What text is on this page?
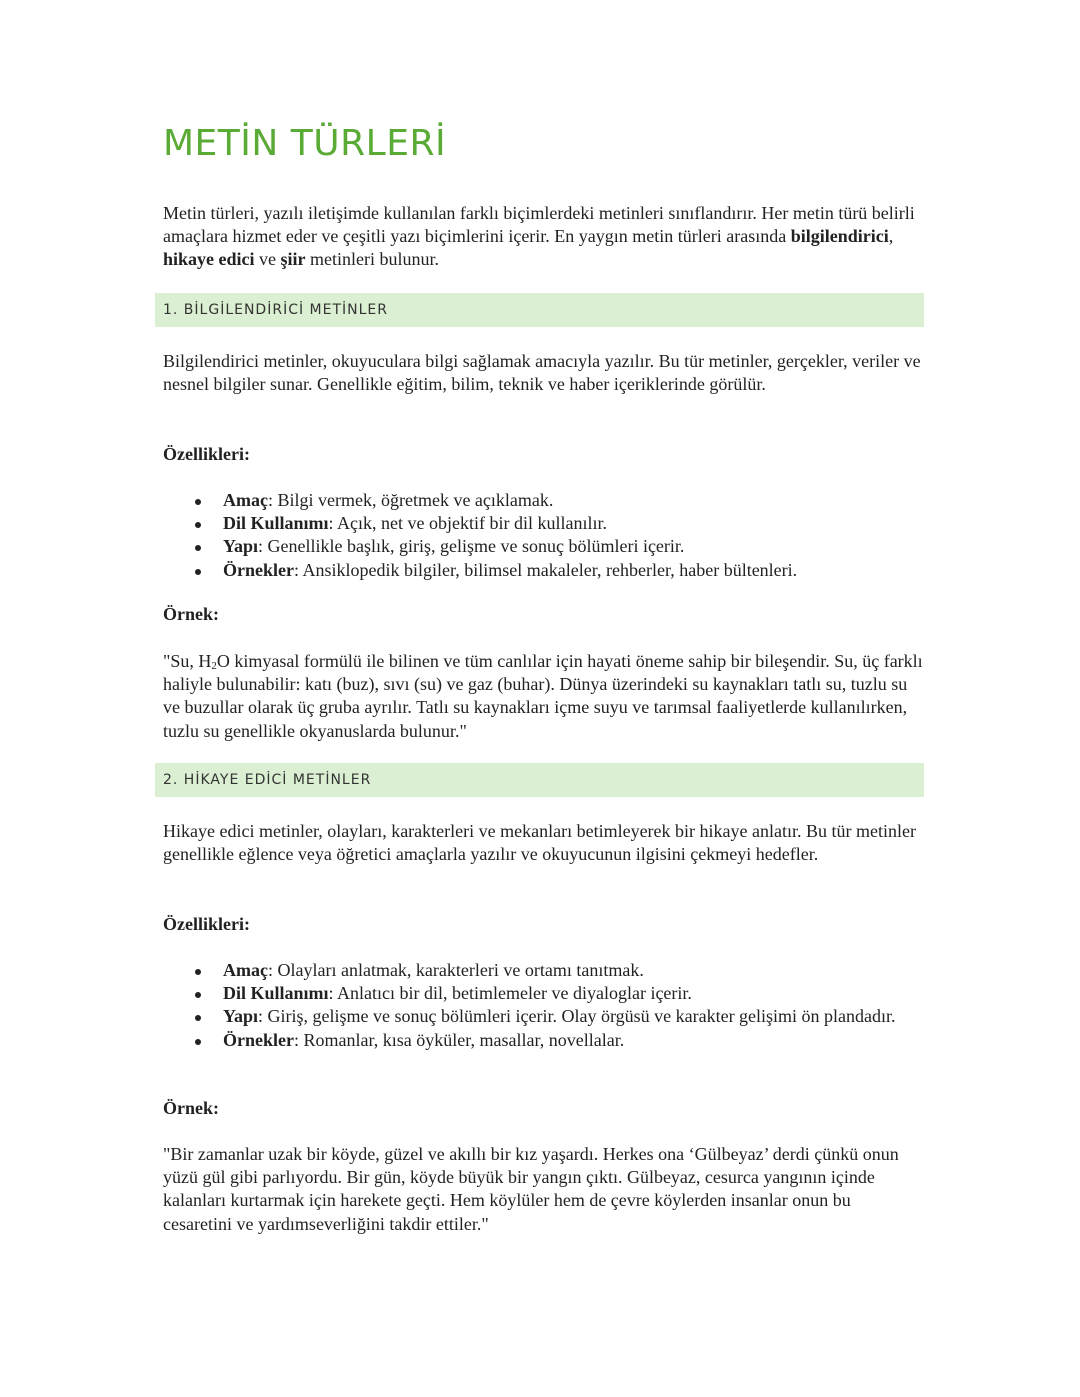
METİN TÜRLERİ

Metin türleri, yazılı iletişimde kullanılan farklı biçimlerdeki metinleri sınıflandırır. Her metin türü belirli amaçlara hizmet eder ve çeşitli yazı biçimlerini içerir. En yaygın metin türleri arasında bilgilendirici, hikaye edici ve şiir metinleri bulunur.

1. BİLGİLENDİRİCİ METİNLER

Bilgilendirici metinler, okuyuculara bilgi sağlamak amacıyla yazılır. Bu tür metinler, gerçekler, veriler ve nesnel bilgiler sunar. Genellikle eğitim, bilim, teknik ve haber içeriklerinde görülür.

Özellikleri:

Amaç: Bilgi vermek, öğretmek ve açıklamak.
Dil Kullanımı: Açık, net ve objektif bir dil kullanılır.
Yapı: Genellikle başlık, giriş, gelişme ve sonuç bölümleri içerir.
Örnekler: Ansiklopedik bilgiler, bilimsel makaleler, rehberler, haber bültenleri.

Örnek:

"Su, $H_2O$ kimyasal formülü ile bilinen ve tüm canlılar için hayati öneme sahip bir bileşendir. Su, üç farklı haliyle bulunabilir: katı (buz), sıvı (su) ve gaz (buhar). Dünya üzerindeki su kaynakları tatlı su, tuzlu su ve buzullar olarak üç gruba ayrılır. Tatlı su kaynakları içme suyu ve tarımsal faaliyetlerde kullanılırken, tuzlu su genellikle okyanuslarda bulunur."

2. HİKAYE EDİCİ METİNLER

Hikaye edici metinler, olayları, karakterleri ve mekanları betimleyerek bir hikaye anlatır. Bu tür metinler genellikle eğlence veya öğretici amaçlarla yazılır ve okuyucunun ilgisini çekmeyi hedefler.

Özellikleri:

Amaç: Olayları anlatmak, karakterleri ve ortamı tanıtmak.
Dil Kullanımı: Anlatıcı bir dil, betimlemeler ve diyaloglar içerir.
Yapı: Giriş, gelişme ve sonuç bölümleri içerir. Olay örgüsü ve karakter gelişimi ön plandadır.
Örnekler: Romanlar, kısa öyküler, masallar, novellalar.

Örnek:

"Bir zamanlar uzak bir köyde, güzel ve akıllı bir kız yaşardı. Herkes ona ‘Gülbeyaz’ derdi çünkü onun yüzü gül gibi parlıyordu. Bir gün, köyde büyük bir yangın çıktı. Gülbeyaz, cesurca yangının içinde kalanları kurtarmak için harekete geçti. Hem köylüler hem de çevre köylerden insanlar onun bu cesaretini ve yardımseverliğini takdir ettiler."
